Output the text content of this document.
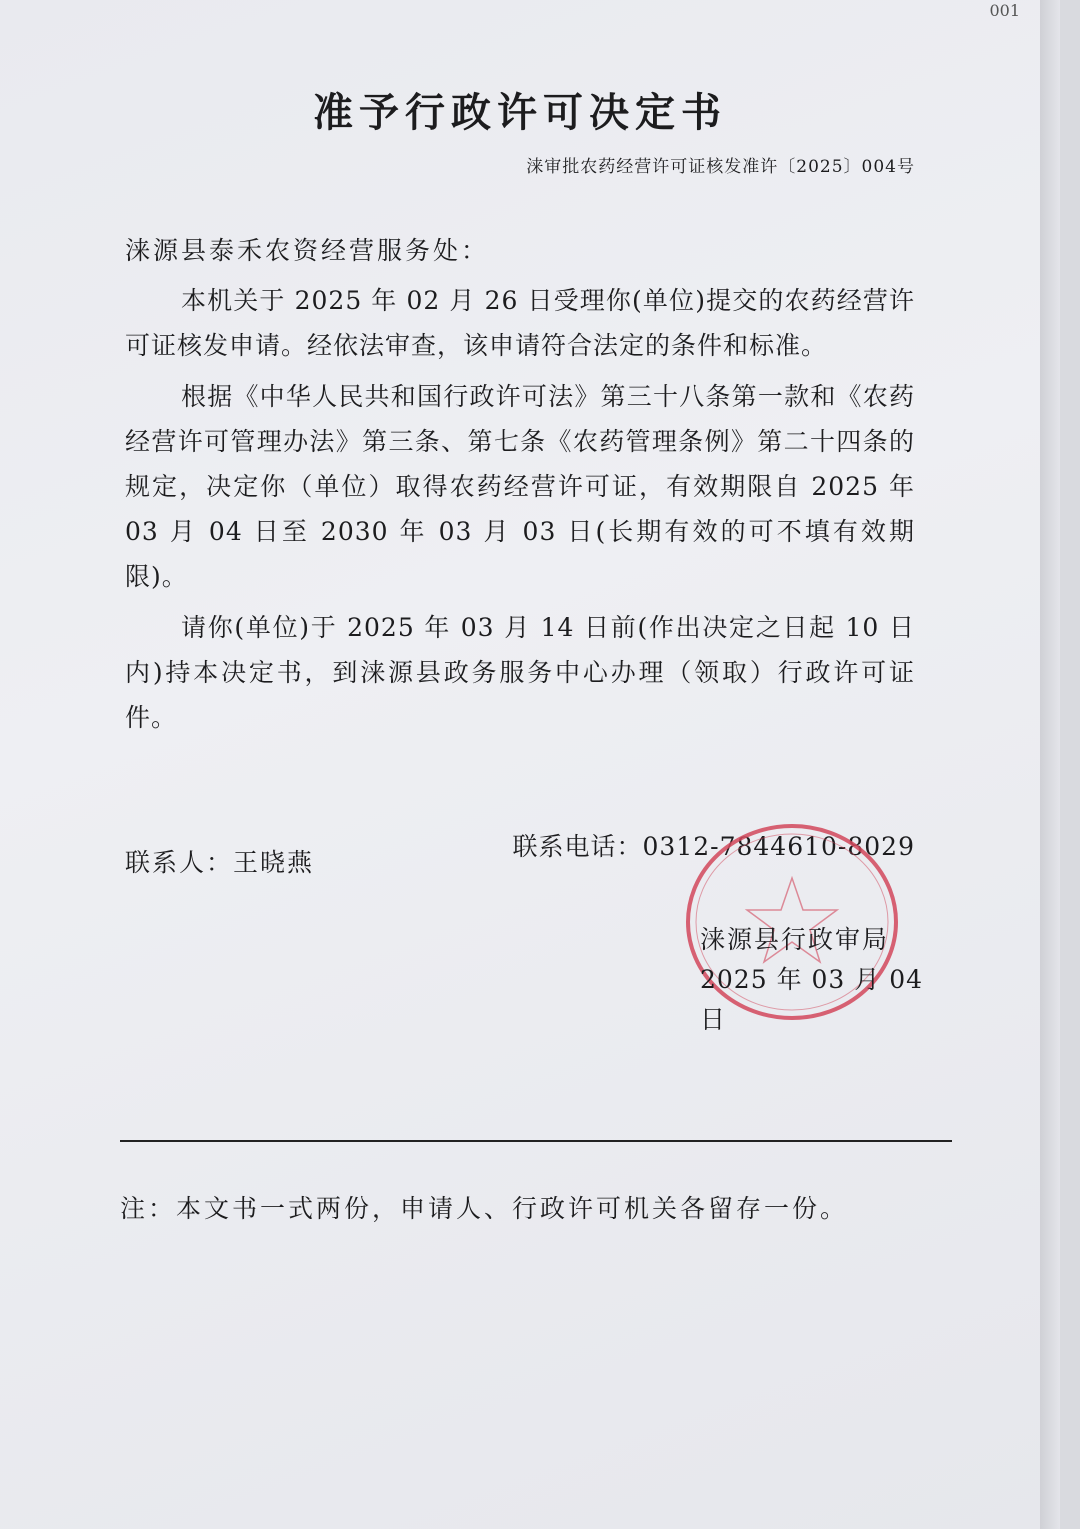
001
准予行政许可决定书
涞审批农药经营许可证核发准许〔2025〕004号
涞源县泰禾农资经营服务处：

本机关于 2025 年 02 月 26 日受理你(单位)提交的农药经营许可证核发申请。经依法审查，该申请符合法定的条件和标准。

根据《中华人民共和国行政许可法》第三十八条第一款和《农药经营许可管理办法》第三条、第七条《农药管理条例》第二十四条的规定，决定你（单位）取得农药经营许可证，有效期限自 2025 年 03 月 04 日至 2030 年 03 月 03 日(长期有效的可不填有效期限)。

请你(单位)于 2025 年 03 月 14 日前(作出决定之日起 10 日内)持本决定书，到涞源县政务服务中心办理（领取）行政许可证件。

联系人：王晓燕
联系电话：0312-7844610-8029
涞源县行政审局
2025 年 03 月 04 日
注：本文书一式两份，申请人、行政许可机关各留存一份。
